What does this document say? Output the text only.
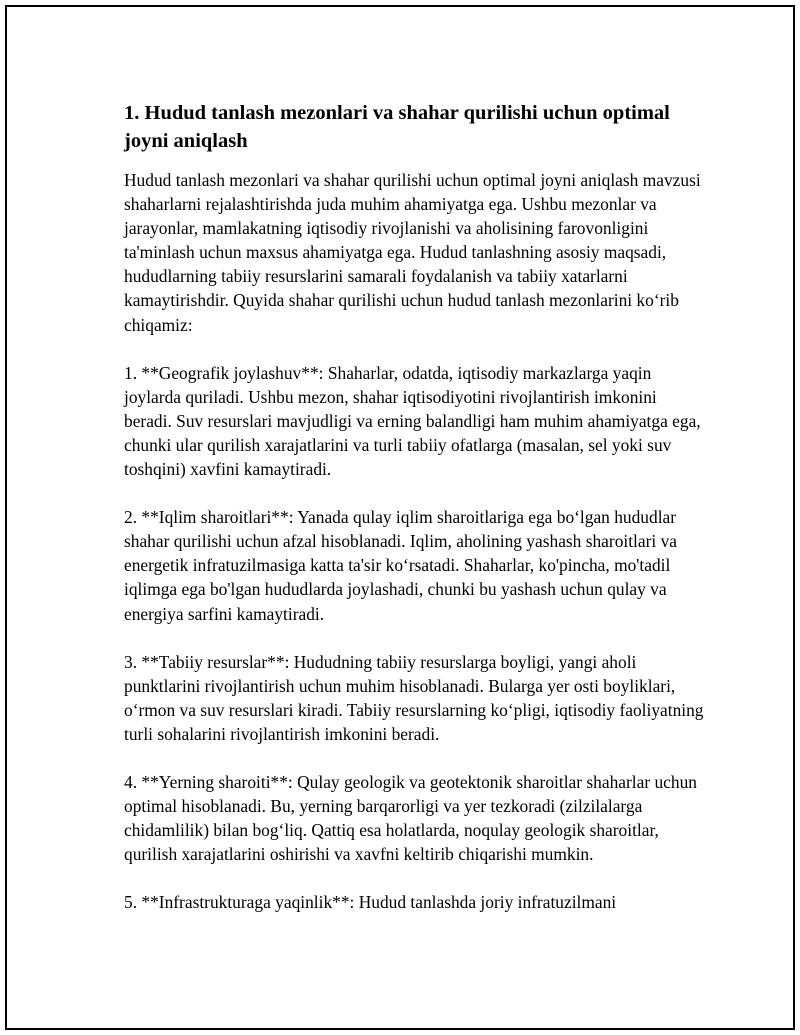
1. Hudud tanlash mezonlari va shahar qurilishi uchun optimal joyni aniqlash

Hudud tanlash mezonlari va shahar qurilishi uchun optimal joyni aniqlash mavzusi shaharlarni rejalashtirishda juda muhim ahamiyatga ega. Ushbu mezonlar va jarayonlar, mamlakatning iqtisodiy rivojlanishi va aholisining farovonligini ta'minlash uchun maxsus ahamiyatga ega. Hudud tanlashning asosiy maqsadi, hududlarning tabiiy resurslarini samarali foydalanish va tabiiy xatarlarni kamaytirishdir. Quyida shahar qurilishi uchun hudud tanlash mezonlarini ko‘rib chiqamiz:

1. **Geografik joylashuv**: Shaharlar, odatda, iqtisodiy markazlarga yaqin joylarda quriladi. Ushbu mezon, shahar iqtisodiyotini rivojlantirish imkonini beradi. Suv resurslari mavjudligi va erning balandligi ham muhim ahamiyatga ega, chunki ular qurilish xarajatlarini va turli tabiiy ofatlarga (masalan, sel yoki suv toshqini) xavfini kamaytiradi.

2. **Iqlim sharoitlari**: Yanada qulay iqlim sharoitlariga ega bo‘lgan hududlar shahar qurilishi uchun afzal hisoblanadi. Iqlim, aholining yashash sharoitlari va energetik infratuzilmasiga katta ta'sir ko‘rsatadi. Shaharlar, ko'pincha, mo'tadil iqlimga ega bo'lgan hududlarda joylashadi, chunki bu yashash uchun qulay va energiya sarfini kamaytiradi.

3. **Tabiiy resurslar**: Hududning tabiiy resurslarga boyligi, yangi aholi punktlarini rivojlantirish uchun muhim hisoblanadi. Bularga yer osti boyliklari, o‘rmon va suv resurslari kiradi. Tabiiy resurslarning ko‘pligi, iqtisodiy faoliyatning turli sohalarini rivojlantirish imkonini beradi.

4. **Yerning sharoiti**: Qulay geologik va geotektonik sharoitlar shaharlar uchun optimal hisoblanadi. Bu, yerning barqarorligi va yer tezkoradi (zilzilalarga chidamlilik) bilan bog‘liq. Qattiq esa holatlarda, noqulay geologik sharoitlar, qurilish xarajatlarini oshirishi va xavfni keltirib chiqarishi mumkin.

5. **Infrastrukturaga yaqinlik**: Hudud tanlashda joriy infratuzilmani
